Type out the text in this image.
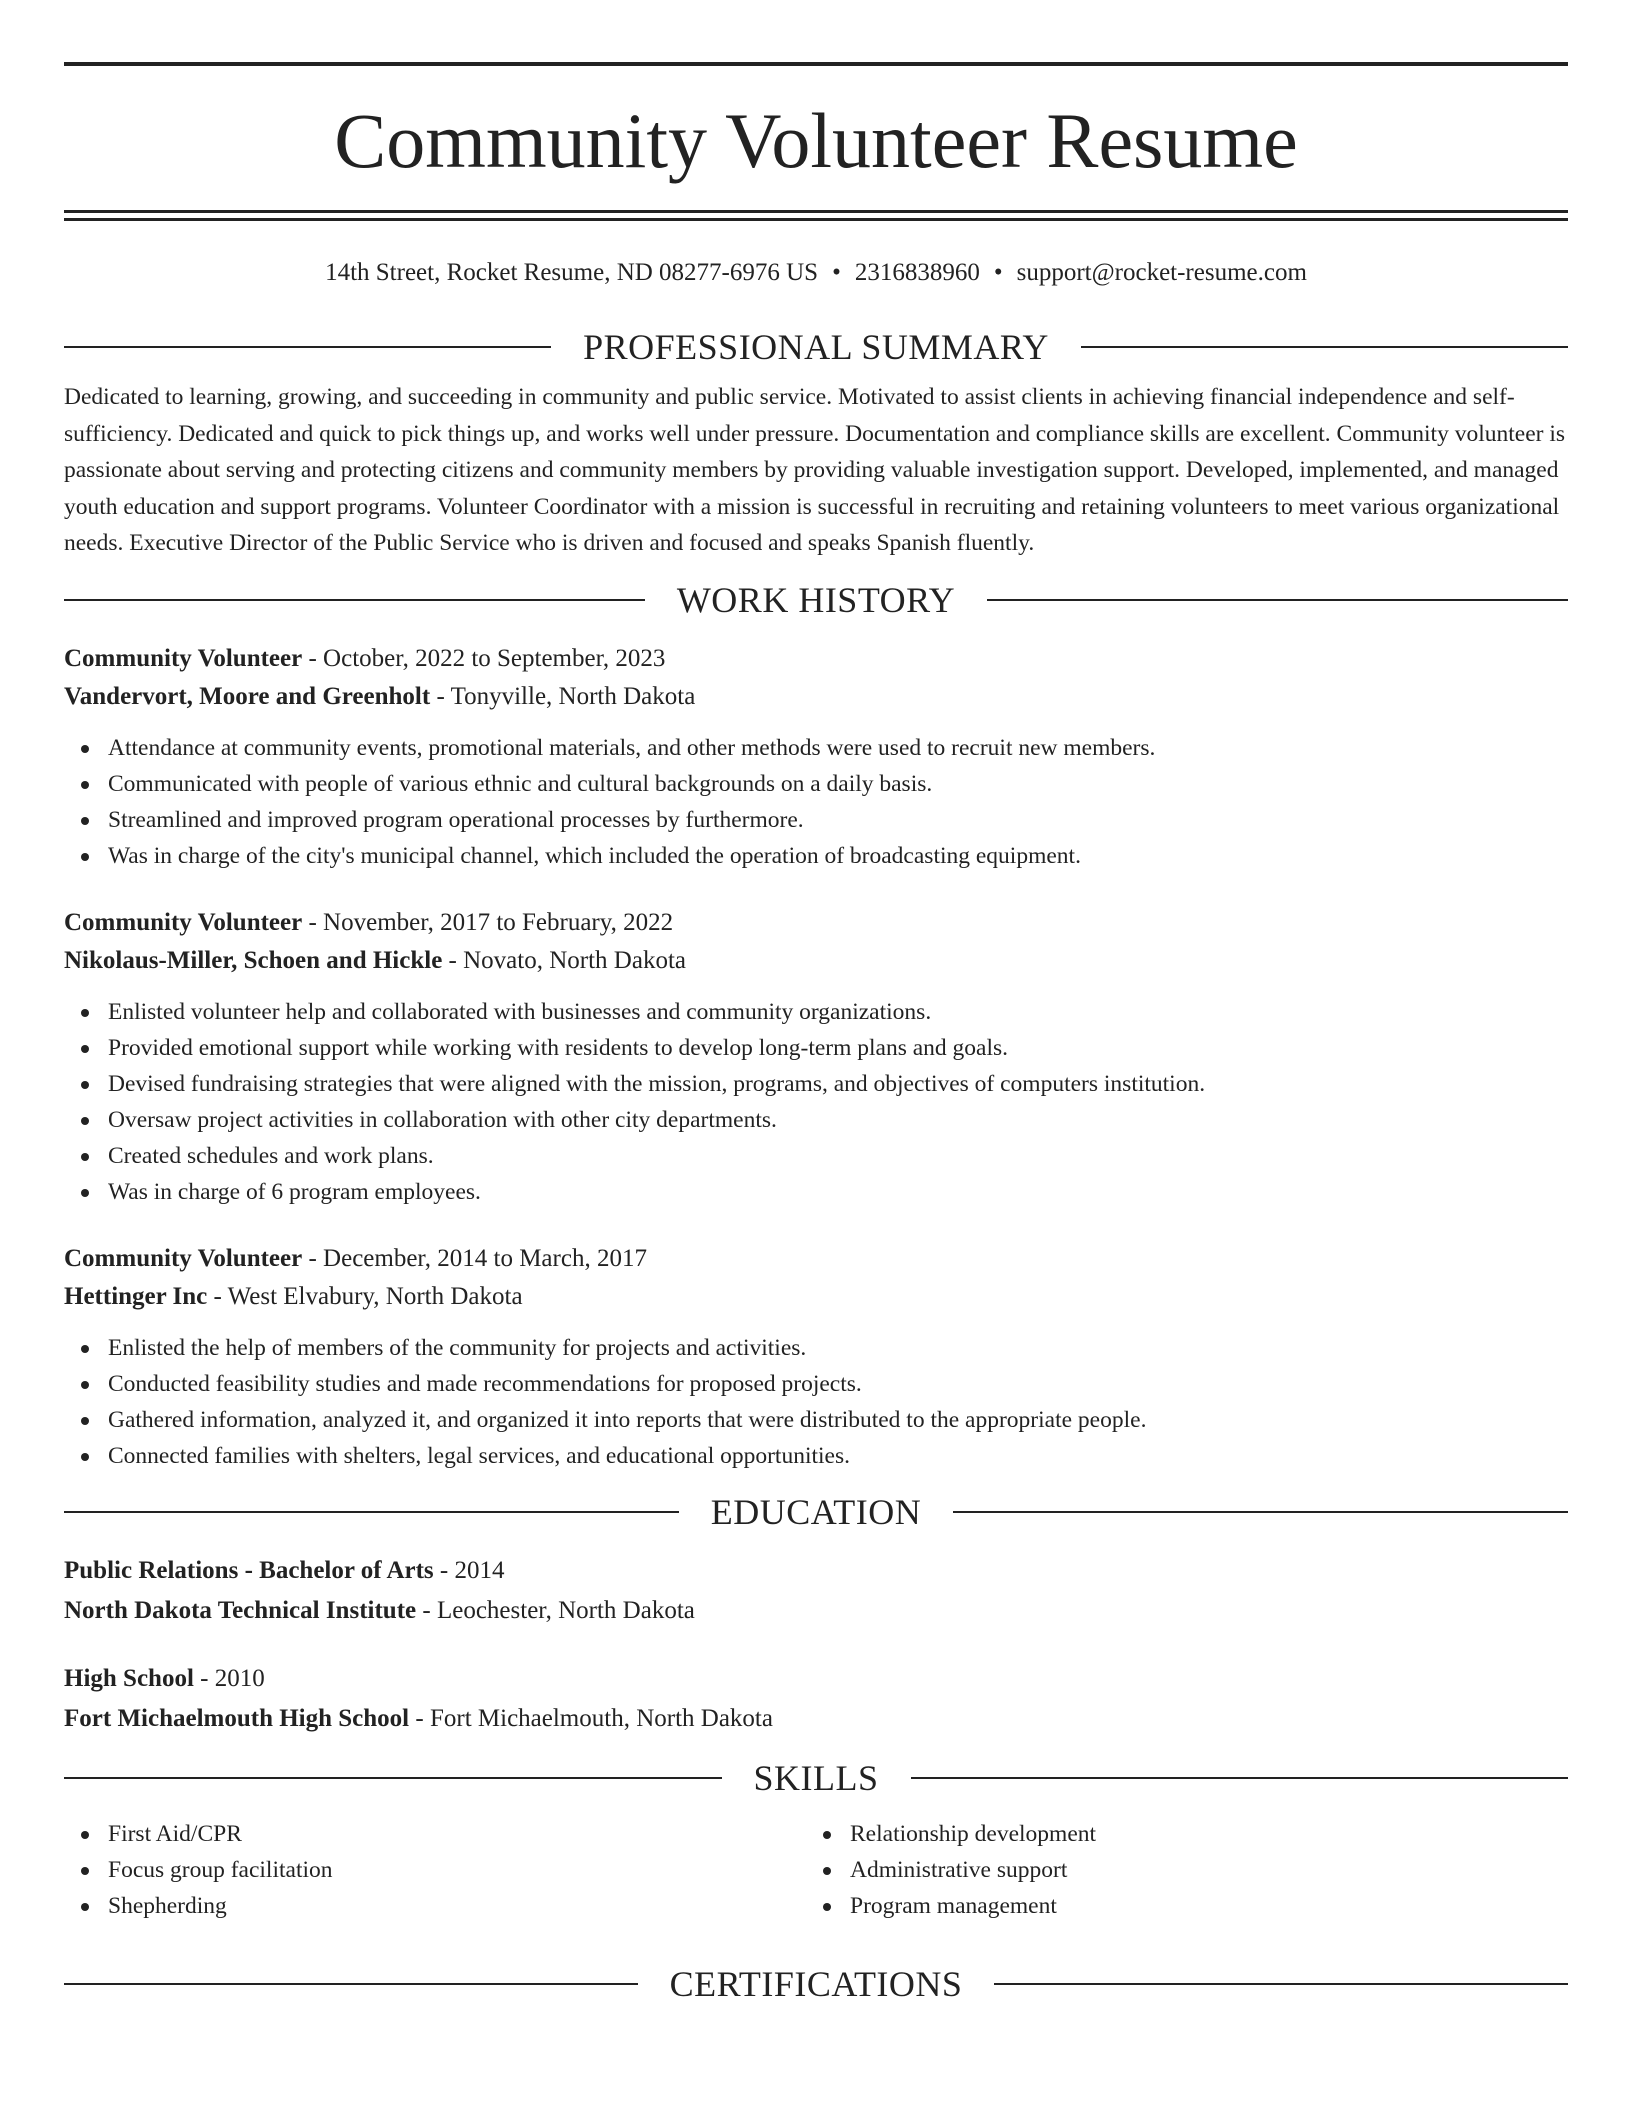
Community Volunteer Resume
14th Street, Rocket Resume, ND 08277-6976 US • 2316838960 • support@rocket-resume.com
PROFESSIONAL SUMMARY

Dedicated to learning, growing, and succeeding in community and public service. Motivated to assist clients in achieving financial independence and self-sufficiency. Dedicated and quick to pick things up, and works well under pressure. Documentation and compliance skills are excellent. Community volunteer is passionate about serving and protecting citizens and community members by providing valuable investigation support. Developed, implemented, and managed youth education and support programs. Volunteer Coordinator with a mission is successful in recruiting and retaining volunteers to meet various organizational needs. Executive Director of the Public Service who is driven and focused and speaks Spanish fluently.

WORK HISTORY
Community Volunteer - October, 2022 to September, 2023
Vandervort, Moore and Greenholt - Tonyville, North Dakota
Attendance at community events, promotional materials, and other methods were used to recruit new members.
Communicated with people of various ethnic and cultural backgrounds on a daily basis.
Streamlined and improved program operational processes by furthermore.
Was in charge of the city's municipal channel, which included the operation of broadcasting equipment.
Community Volunteer - November, 2017 to February, 2022
Nikolaus-Miller, Schoen and Hickle - Novato, North Dakota
Enlisted volunteer help and collaborated with businesses and community organizations.
Provided emotional support while working with residents to develop long-term plans and goals.
Devised fundraising strategies that were aligned with the mission, programs, and objectives of computers institution.
Oversaw project activities in collaboration with other city departments.
Created schedules and work plans.
Was in charge of 6 program employees.
Community Volunteer - December, 2014 to March, 2017
Hettinger Inc - West Elvabury, North Dakota
Enlisted the help of members of the community for projects and activities.
Conducted feasibility studies and made recommendations for proposed projects.
Gathered information, analyzed it, and organized it into reports that were distributed to the appropriate people.
Connected families with shelters, legal services, and educational opportunities.
EDUCATION
Public Relations - Bachelor of Arts - 2014
North Dakota Technical Institute - Leochester, North Dakota
High School - 2010
Fort Michaelmouth High School - Fort Michaelmouth, North Dakota
SKILLS
First Aid/CPR
Focus group facilitation
Shepherding
Relationship development
Administrative support
Program management
CERTIFICATIONS
